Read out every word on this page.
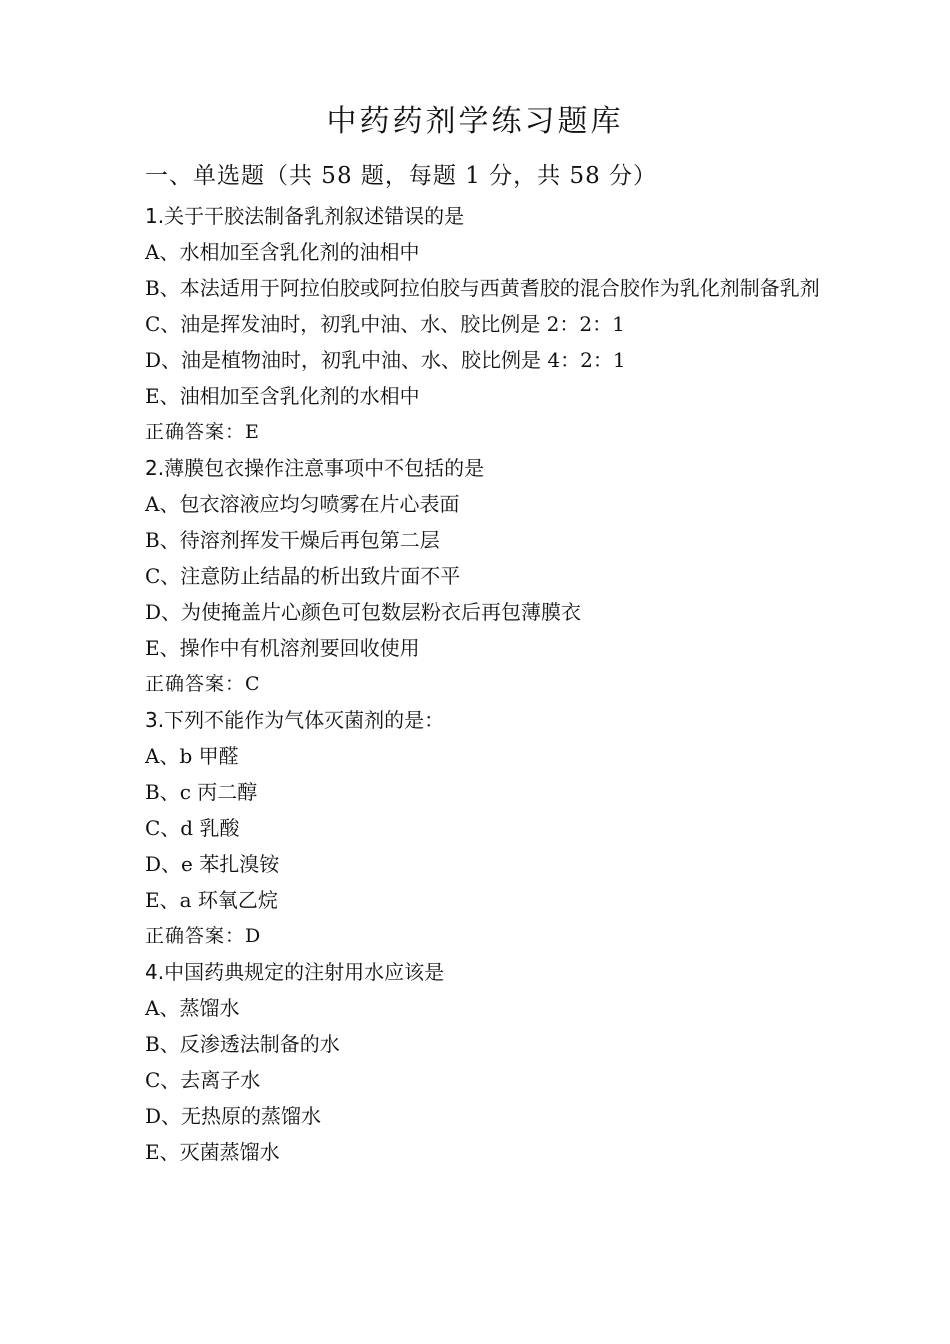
中药药剂学练习题库
一、单选题（共 58 题，每题 1 分，共 58 分）
1.关于干胶法制备乳剂叙述错误的是
A、水相加至含乳化剂的油相中
B、本法适用于阿拉伯胶或阿拉伯胶与西黄耆胶的混合胶作为乳化剂制备乳剂
C、油是挥发油时，初乳中油、水、胶比例是 2：2：1
D、油是植物油时，初乳中油、水、胶比例是 4：2：1
E、油相加至含乳化剂的水相中
正确答案：E
2.薄膜包衣操作注意事项中不包括的是
A、包衣溶液应均匀喷雾在片心表面
B、待溶剂挥发干燥后再包第二层
C、注意防止结晶的析出致片面不平
D、为使掩盖片心颜色可包数层粉衣后再包薄膜衣
E、操作中有机溶剂要回收使用
正确答案：C
3.下列不能作为气体灭菌剂的是：
A、b 甲醛
B、c 丙二醇
C、d 乳酸
D、e 苯扎溴铵
E、a 环氧乙烷
正确答案：D
4.中国药典规定的注射用水应该是
A、蒸馏水
B、反渗透法制备的水
C、去离子水
D、无热原的蒸馏水
E、灭菌蒸馏水
